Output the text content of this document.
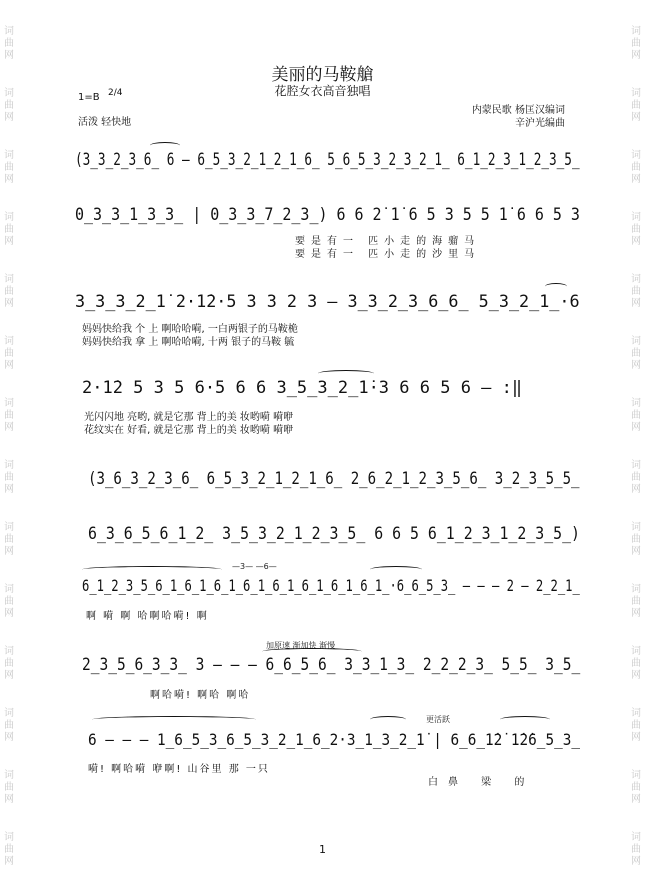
词曲网
词曲网
词曲网
词曲网
词曲网
词曲网
词曲网
词曲网
词曲网
词曲网
词曲网
词曲网
词曲网
词曲网
词曲网
词曲网
词曲网
词曲网
词曲网
词曲网
词曲网
词曲网
词曲网
词曲网
词曲网
词曲网
词曲网
词曲网
美丽的马鞍艙
花腔女衣高音独唱
1=B 2/4
活泼 轻快地
内蒙民歌 杨匡汉编词
辛沪光编曲
(3̲3̲2̲3̲6̲ 6 — 6̲5̲3̲2̲1̲2̲1̲6̲ 5̲6̲5̲3̲2̲3̲2̲1̲ 6̲1̲2̲3̲1̲2̲3̲5̲
0̲3̲3̲1̲3̲3̲ | 0̲3̲3̲7̲2̲3̲) 6 6 2̇ 1̇ 6 5 3 5 5 1̇ 6 6 5 3
要是有一 匹小走的海骝马
要是有一 匹小走的沙里马
3̲3̲3̲2̲1̇ 2·1̇2·5 3 3 2 3 — 3̲3̲2̲3̲6̲6̲ 5̲3̲2̲1̲·6
妈妈快给我 个 上 啊哈哈嗬, 一白两银子的马鞍桅
妈妈快给我 拿 上 啊哈哈嗬, 十两 银子的马鞍 毓
2·1̇2 5 3 5 6·5 6 6 3̲5̲3̲2̲1̇·3 6 6 5 6 — :‖
光闪闪地 亮哟, 就是它那 背上的美 妆哟嗬 嗬咿
花纹实在 好看, 就是它那 背上的美 妆哟嗬 嗬咿
(3̲6̲3̲2̲3̲6̲ 6̲5̲3̲2̲1̲2̲1̲6̲ 2̲6̲2̲1̲2̲3̲5̲6̲ 3̲2̲3̲5̲5̲
6̲3̲6̲5̲6̲1̲2̲ 3̲5̲3̲2̲1̲2̲3̲5̲ 6 6 5 6̲1̲2̲3̲1̲2̲3̲5̲)
—3— —6—
6̲1̲2̲3̲5̲6̲1̲6̲1̲6̲1̲6̲1̲6̲1̲6̲1̲6̲1̲6̲1̲·6̲6̲5̲3̲ — — — 2 — 2̲2̲1̲
啊 嗬 啊 哈啊哈嗬! 啊
加原速 渐加快 渐慢
2̲3̲5̲6̲3̲3̲ 3 — — — 6̲6̲5̲6̲ 3̲3̲1̲3̲ 2̲2̲2̲3̲ 5̲5̲ 3̲5̲
啊哈嗬! 啊哈 啊哈
更活跃
6 — — — 1̲6̲5̲3̲6̲5̲3̲2̲1̲6̲2·3̲1̲3̲2̲1̇ | 6̲6̲1̇2̇ 1̇2̇6̲5̲3̲
嗬! 啊哈嗬 咿啊! 山谷里 那 一只
白鼻 梁 的
1
